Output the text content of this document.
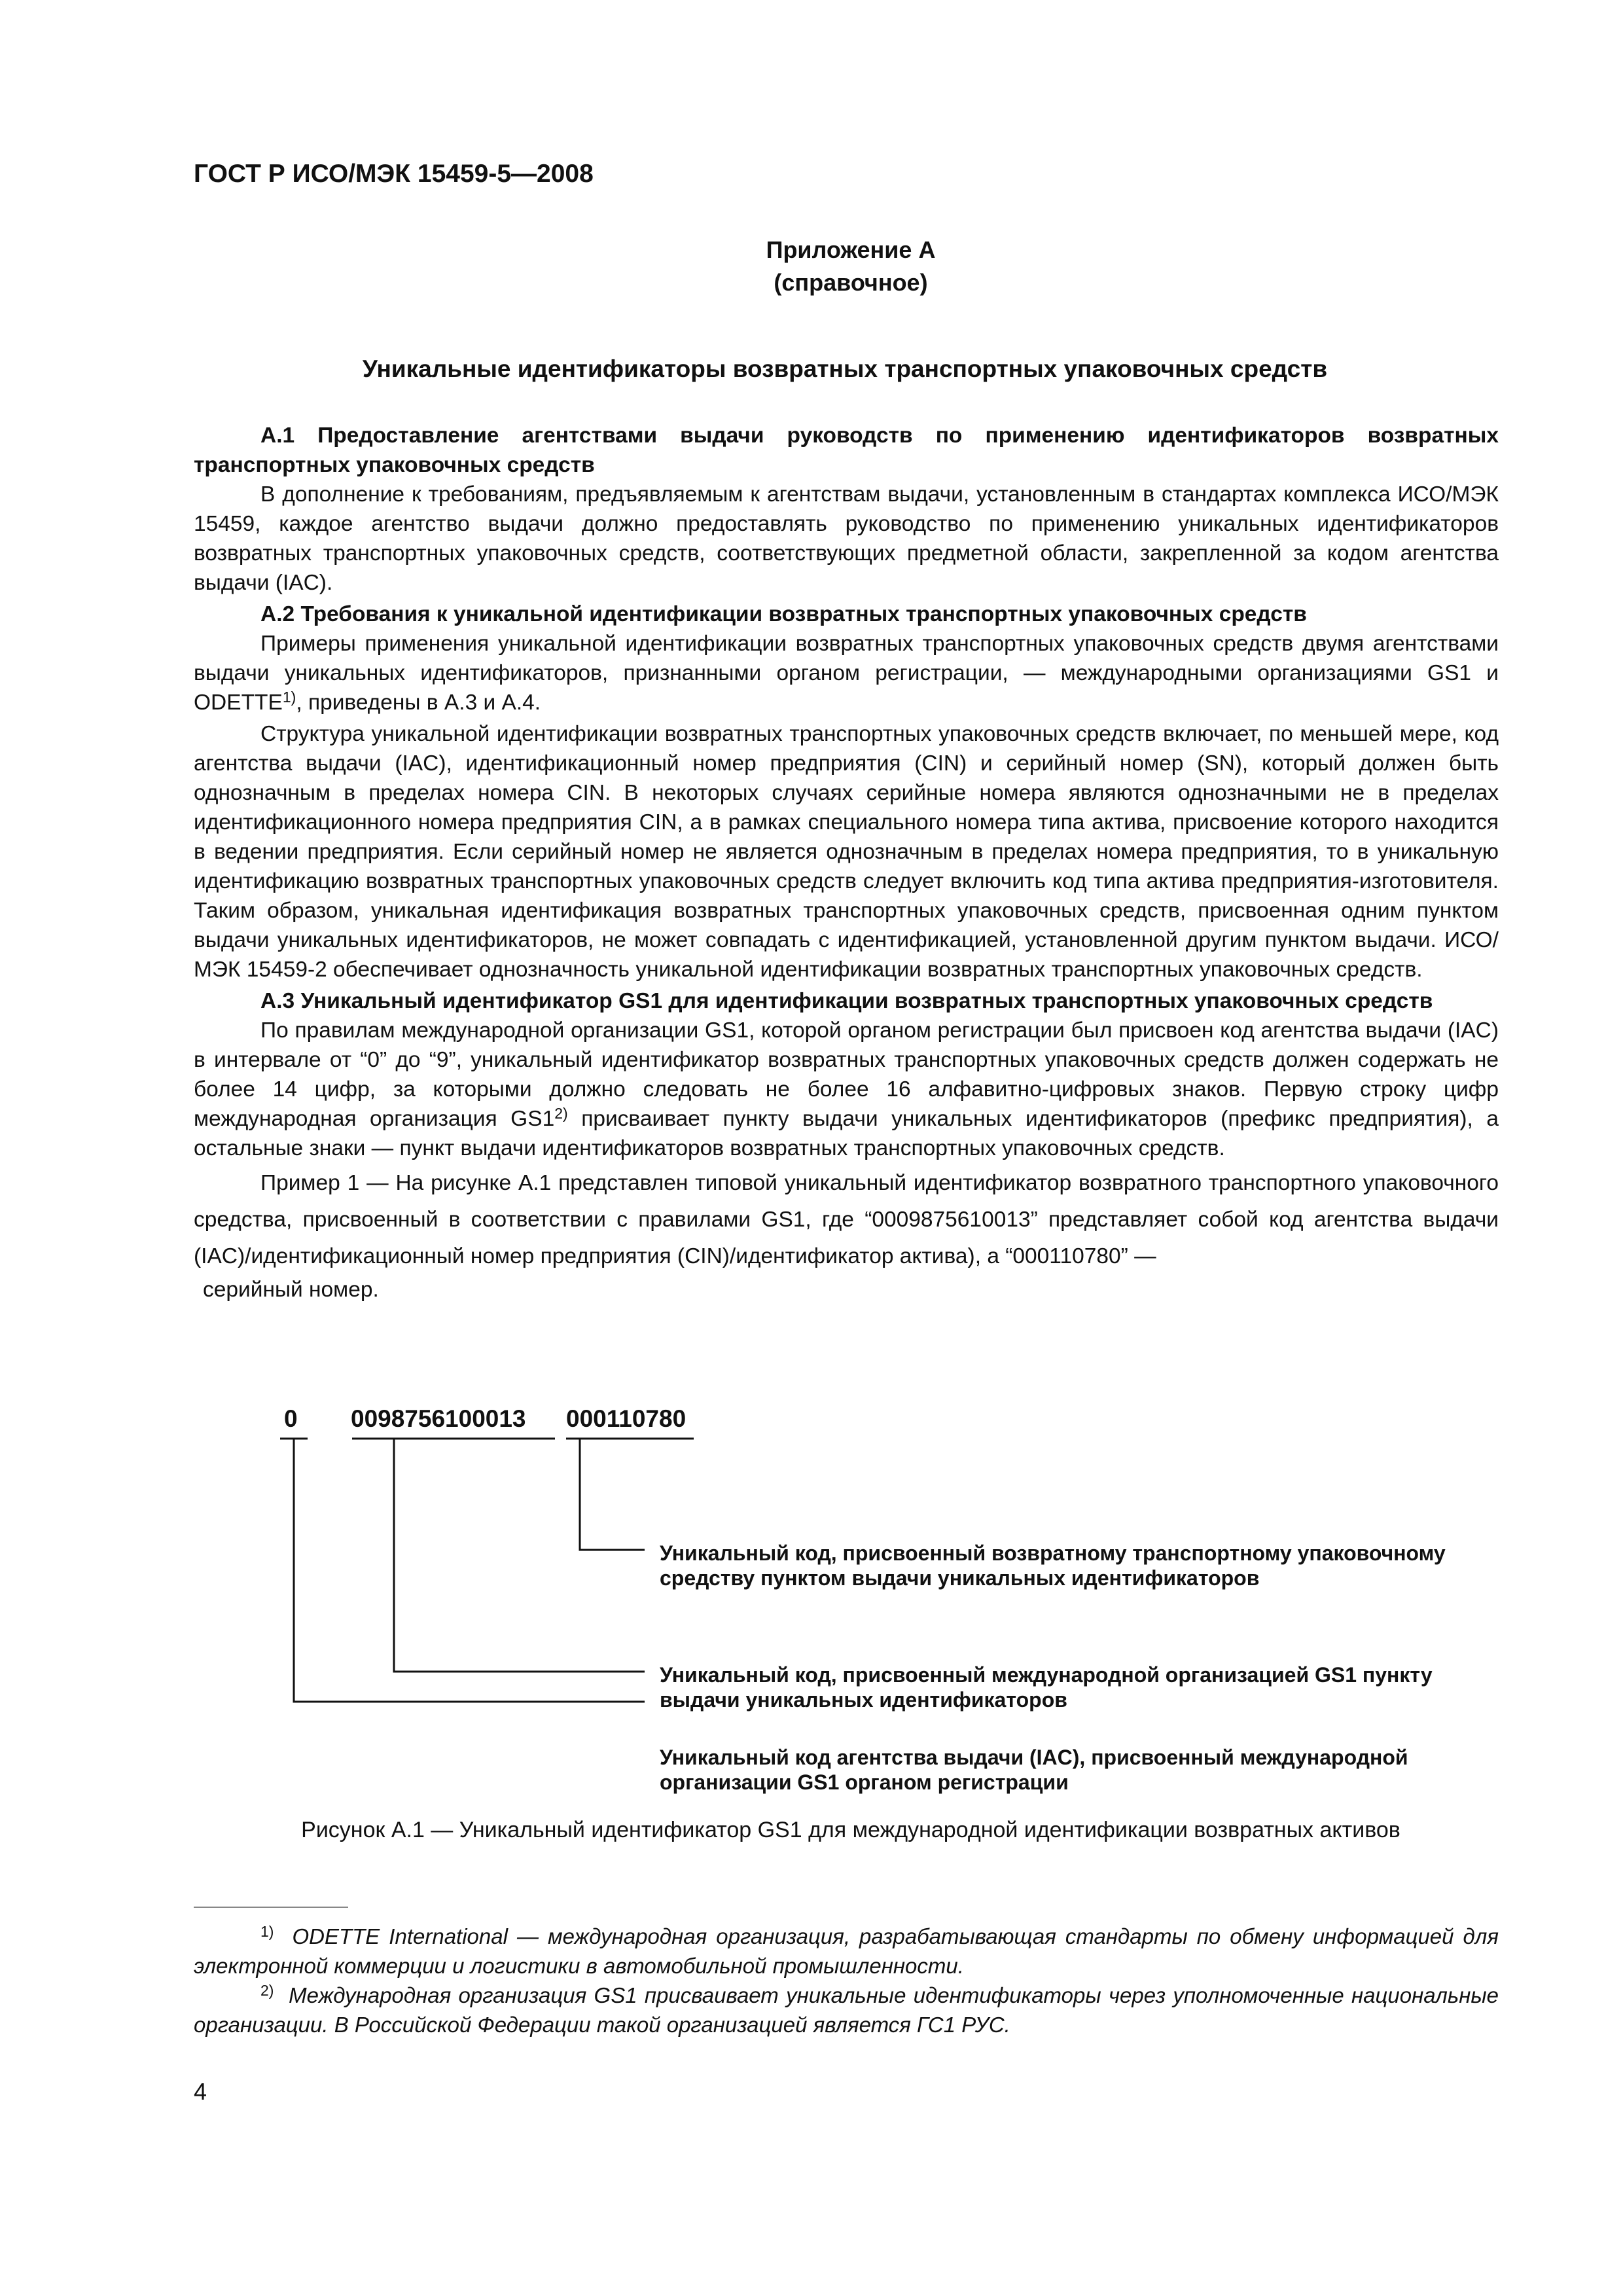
ГОСТ Р ИСО/МЭК 15459-5—2008
Приложение А
(справочное)
Уникальные идентификаторы возвратных транспортных упаковочных средств

А.1 Предоставление агентствами выдачи руководств по применению идентификаторов возвратных транспортных упаковочных средств

В дополнение к требованиям, предъявляемым к агентствам выдачи, установленным в стандартах комплекса ИСО/МЭК 15459, каждое агентство выдачи должно предоставлять руководство по применению уникальных идентификаторов возвратных транспортных упаковочных средств, соответствующих предметной области, закрепленной за кодом агентства выдачи (IAC).

А.2 Требования к уникальной идентификации возвратных транспортных упаковочных средств

Примеры применения уникальной идентификации возвратных транспортных упаковочных средств двумя агентствами выдачи уникальных идентификаторов, признанными органом регистрации, — международными организациями GS1 и ODETTE$^{1)}$, приведены в А.3 и А.4.

Структура уникальной идентификации возвратных транспортных упаковочных средств включает, по меньшей мере, код агентства выдачи (IAC), идентификационный номер предприятия (CIN) и серийный номер (SN), который должен быть однозначным в пределах номера CIN. В некоторых случаях серийные номера являются однозначными не в пределах идентификационного номера предприятия CIN, а в рамках специального номера типа актива, присвоение которого находится в ведении предприятия. Если серийный номер не является однозначным в пределах номера предприятия, то в уникальную идентификацию возвратных транспортных упаковочных средств следует включить код типа актива предприятия-изготовителя. Таким образом, уникальная идентификация возвратных транспортных упаковочных средств, присвоенная одним пунктом выдачи уникальных идентификаторов, не может совпадать с идентификацией, установленной другим пунктом выдачи. ИСО/МЭК 15459-2 обеспечивает однозначность уникальной идентификации возвратных транспортных упаковочных средств.

А.3 Уникальный идентификатор GS1 для идентификации возвратных транспортных упаковочных средств

По правилам международной организации GS1, которой органом регистрации был присвоен код агентства выдачи (IAC) в интервале от “0” до “9”, уникальный идентификатор возвратных транспортных упаковочных средств должен содержать не более 14 цифр, за которыми должно следовать не более 16 алфавитно-цифровых знаков. Первую строку цифр международная организация GS1$^{2)}$ присваивает пункту выдачи уникальных идентификаторов (префикс предприятия), а остальные знаки — пункт выдачи идентификаторов возвратных транспортных упаковочных средств.

Пример 1 — На рисунке А.1 представлен типовой уникальный идентификатор возвратного транспортного упаковочного средства, присвоенный в соответствии с правилами GS1, где “0009875610013” представляет собой код агентства выдачи (IAC)/идентификационный номер предприятия (CIN)/идентификатор актива), а “000110780” —

серийный номер.

0 0098756100013 000110780
Уникальный код, присвоенный возвратному транспортному упаковочному средству пунктом выдачи уникальных идентификаторов
Уникальный код, присвоенный международной организацией GS1 пункту выдачи уникальных идентификаторов
Уникальный код агентства выдачи (IAC), присвоенный международной организации GS1 органом регистрации
Рисунок А.1 — Уникальный идентификатор GS1 для международной идентификации возвратных активов

$^{1)}$ ODETTE International — международная организация, разрабатывающая стандарты по обмену информацией для электронной коммерции и логистики в автомобильной промышленности.

$^{2)}$ Международная организация GS1 присваивает уникальные идентификаторы через уполномоченные национальные организации. В Российской Федерации такой организацией является ГС1 РУС.

4
